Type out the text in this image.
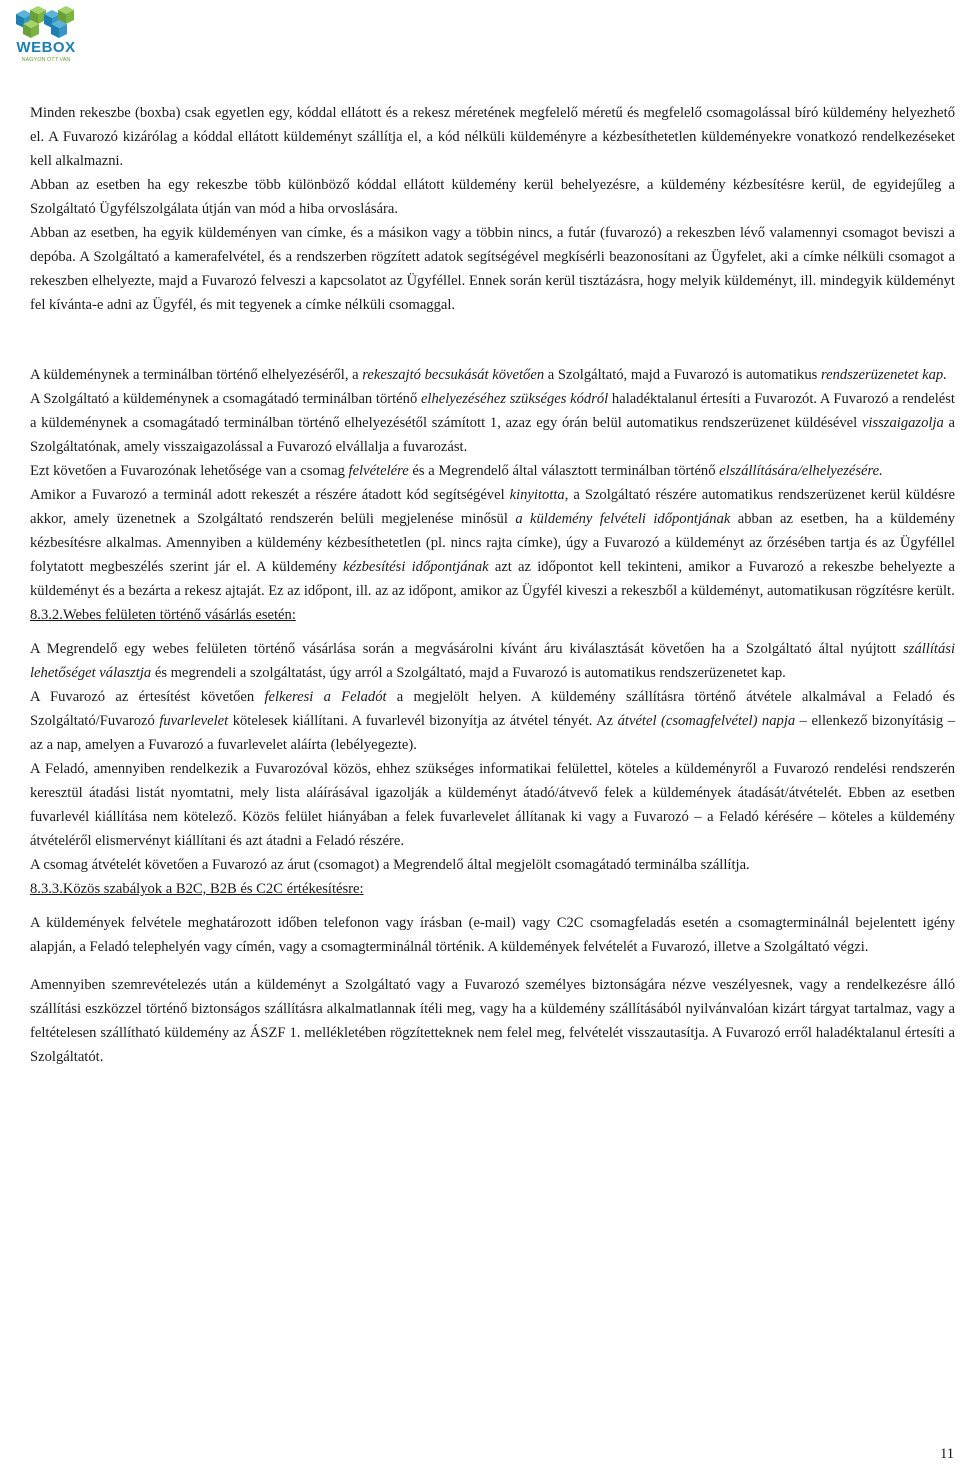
WEBOX
NAGYON OTT VAN

Minden rekeszbe (boxba) csak egyetlen egy, kóddal ellátott és a rekesz méretének megfelelő méretű és megfelelő csomagolással bíró küldemény helyezhető el. A Fuvarozó kizárólag a kóddal ellátott küldeményt szállítja el, a kód nélküli küldeményre a kézbesíthetetlen küldeményekre vonatkozó rendelkezéseket kell alkalmazni.

Abban az esetben ha egy rekeszbe több különböző kóddal ellátott küldemény kerül behelyezésre, a küldemény kézbesítésre kerül, de egyidejűleg a Szolgáltató Ügyfélszolgálata útján van mód a hiba orvoslására.

Abban az esetben, ha egyik küldeményen van címke, és a másikon vagy a többin nincs, a futár (fuvarozó) a rekeszben lévő valamennyi csomagot beviszi a depóba. A Szolgáltató a kamerafelvétel, és a rendszerben rögzített adatok segítségével megkísérli beazonosítani az Ügyfelet, aki a címke nélküli csomagot a rekeszben elhelyezte, majd a Fuvarozó felveszi a kapcsolatot az Ügyféllel. Ennek során kerül tisztázásra, hogy melyik küldeményt, ill. mindegyik küldeményt fel kívánta-e adni az Ügyfél, és mit tegyenek a címke nélküli csomaggal.

A küldeménynek a terminálban történő elhelyezéséről, a rekeszajtó becsukását követően a Szolgáltató, majd a Fuvarozó is automatikus rendszerüzenetet kap.

A Szolgáltató a küldeménynek a csomagátadó terminálban történő elhelyezéséhez szükséges kódról haladéktalanul értesíti a Fuvarozót. A Fuvarozó a rendelést a küldeménynek a csomagátadó terminálban történő elhelyezésétől számított 1, azaz egy órán belül automatikus rendszerüzenet küldésével visszaigazolja a Szolgáltatónak, amely visszaigazolással a Fuvarozó elvállalja a fuvarozást.

Ezt követően a Fuvarozónak lehetősége van a csomag felvételére és a Megrendelő által választott terminálban történő elszállítására/elhelyezésére.

Amikor a Fuvarozó a terminál adott rekeszét a részére átadott kód segítségével kinyitotta, a Szolgáltató részére automatikus rendszerüzenet kerül küldésre akkor, amely üzenetnek a Szolgáltató rendszerén belüli megjelenése minősül a küldemény felvételi időpontjának abban az esetben, ha a küldemény kézbesítésre alkalmas. Amennyiben a küldemény kézbesíthetetlen (pl. nincs rajta címke), úgy a Fuvarozó a küldeményt az őrzésében tartja és az Ügyféllel folytatott megbeszélés szerint jár el. A küldemény kézbesítési időpontjának azt az időpontot kell tekinteni, amikor a Fuvarozó a rekeszbe behelyezte a küldeményt és a bezárta a rekesz ajtaját. Ez az időpont, ill. az az időpont, amikor az Ügyfél kiveszi a rekeszből a küldeményt, automatikusan rögzítésre került.

8.3.2.Webes felületen történő vásárlás esetén:

A Megrendelő egy webes felületen történő vásárlása során a megvásárolni kívánt áru kiválasztását követően ha a Szolgáltató által nyújtott szállítási lehetőséget választja és megrendeli a szolgáltatást, úgy arról a Szolgáltató, majd a Fuvarozó is automatikus rendszerüzenetet kap.

A Fuvarozó az értesítést követően felkeresi a Feladót a megjelölt helyen. A küldemény szállításra történő átvétele alkalmával a Feladó és Szolgáltató/Fuvarozó fuvarlevelet kötelesek kiállítani. A fuvarlevél bizonyítja az átvétel tényét. Az átvétel (csomagfelvétel) napja – ellenkező bizonyításig – az a nap, amelyen a Fuvarozó a fuvarlevelet aláírta (lebélyegezte).

A Feladó, amennyiben rendelkezik a Fuvarozóval közös, ehhez szükséges informatikai felülettel, köteles a küldeményről a Fuvarozó rendelési rendszerén keresztül átadási listát nyomtatni, mely lista aláírásával igazolják a küldeményt átadó/átvevő felek a küldemények átadását/átvételét. Ebben az esetben fuvarlevél kiállítása nem kötelező. Közös felület hiányában a felek fuvarlevelet állítanak ki vagy a Fuvarozó – a Feladó kérésére – köteles a küldemény átvételéről elismervényt kiállítani és azt átadni a Feladó részére.

A csomag átvételét követően a Fuvarozó az árut (csomagot) a Megrendelő által megjelölt csomagátadó terminálba szállítja.

8.3.3.Közös szabályok a B2C, B2B és C2C értékesítésre:

A küldemények felvétele meghatározott időben telefonon vagy írásban (e-mail) vagy C2C csomagfeladás esetén a csomagterminálnál bejelentett igény alapján, a Feladó telephelyén vagy címén, vagy a csomagterminálnál történik. A küldemények felvételét a Fuvarozó, illetve a Szolgáltató végzi.

Amennyiben szemrevételezés után a küldeményt a Szolgáltató vagy a Fuvarozó személyes biztonságára nézve veszélyesnek, vagy a rendelkezésre álló szállítási eszközzel történő biztonságos szállításra alkalmatlannak ítéli meg, vagy ha a küldemény szállításából nyilvánvalóan kizárt tárgyat tartalmaz, vagy a feltételesen szállítható küldemény az ÁSZF 1. mellékletében rögzítetteknek nem felel meg, felvételét visszautasítja. A Fuvarozó erről haladéktalanul értesíti a Szolgáltatót.

11
